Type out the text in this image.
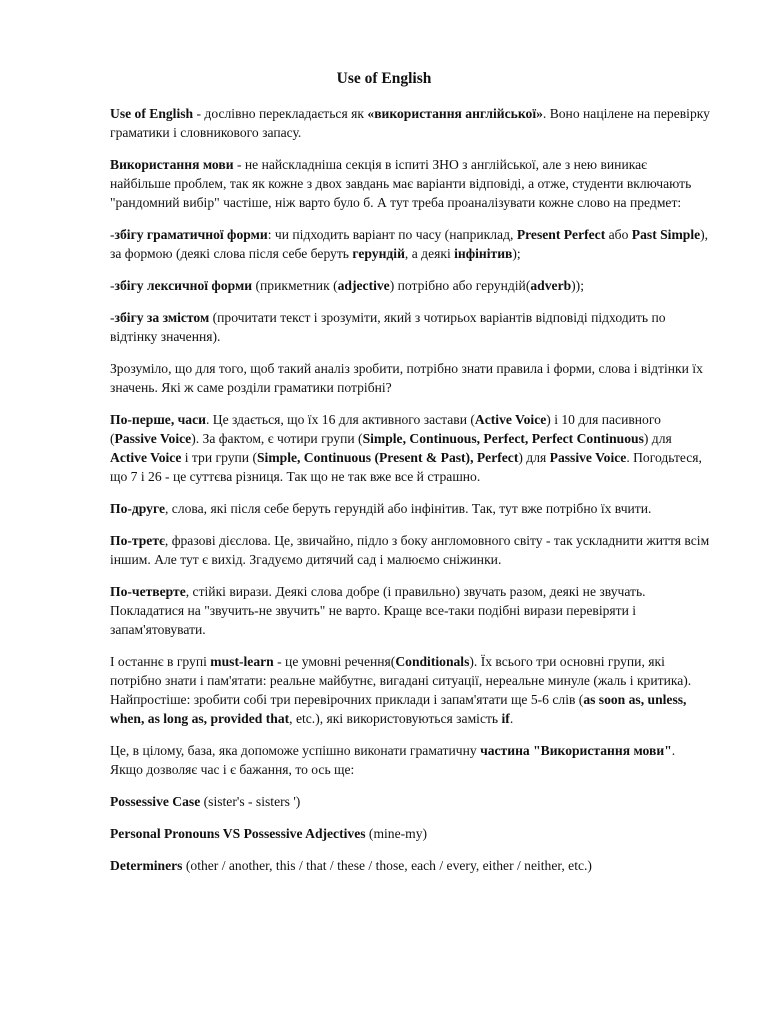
Use of English

Use of English - дослівно перекладається як «використання англійської». Воно націлене на перевірку граматики і словникового запасу.

Використання мови - не найскладніша секція в іспиті ЗНО з англійської, але з нею виникає найбільше проблем, так як кожне з двох завдань має варіанти відповіді, а отже, студенти включають "рандомний вибір" частіше, ніж варто було б. А тут треба проаналізувати кожне слово на предмет:

-збігу граматичної форми: чи підходить варіант по часу (наприклад, Present Perfect або Past Simple), за формою (деякі слова після себе беруть герундій, а деякі інфінітив);

-збігу лексичної форми (прикметник (adjective) потрібно або герундій(adverb));

-збігу за змістом (прочитати текст і зрозуміти, який з чотирьох варіантів відповіді підходить по відтінку значення).

Зрозуміло, що для того, щоб такий аналіз зробити, потрібно знати правила і форми, слова і відтінки їх значень. Які ж саме розділи граматики потрібні?

По-перше, часи. Це здається, що їх 16 для активного застави (Active Voice) і 10 для пасивного (Passive Voice). За фактом, є чотири групи (Simple, Continuous, Perfect, Perfect Continuous) для Active Voice і три групи (Simple, Continuous (Present & Past), Perfect) для Passive Voice. Погодьтеся, що 7 і 26 - це суттєва різниця. Так що не так вже все й страшно.

По-друге, слова, які після себе беруть герундій або інфінітив. Так, тут вже потрібно їх вчити.

По-третє, фразові дієслова. Це, звичайно, підло з боку англомовного світу - так ускладнити життя всім іншим. Але тут є вихід. Згадуємо дитячий сад і малюємо сніжинки.

По-четверте, стійкі вирази. Деякі слова добре (і правильно) звучать разом, деякі не звучать. Покладатися на "звучить-не звучить" не варто. Краще все-таки подібні вирази перевіряти і запам'ятовувати.

І останнє в групі must-learn - це умовні речення(Conditionals). Їх всього три основні групи, які потрібно знати і пам'ятати: реальне майбутнє, вигадані ситуації, нереальне минуле (жаль і критика). Найпростіше: зробити собі три перевірочних приклади і запам'ятати ще 5-6 слів (as soon as, unless, when, as long as, provided that, etc.), які використовуються замість if.

Це, в цілому, база, яка допоможе успішно виконати граматичну частина "Використання мови". Якщо дозволяє час і є бажання, то ось ще:

Possessive Case (sister's - sisters ')

Personal Pronouns VS Possessive Adjectives (mine-my)

Determiners (other / another, this / that / these / those, each / every, either / neither, etc.)
